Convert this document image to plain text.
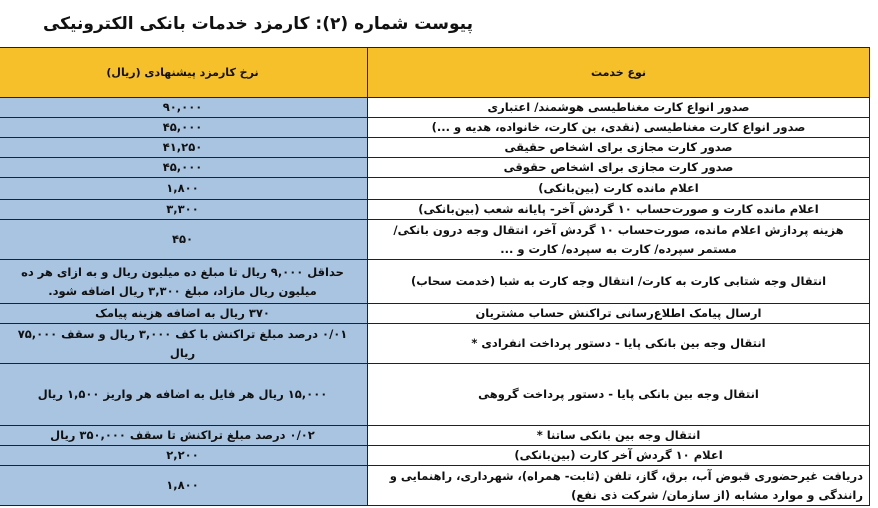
پیوست شماره (۲): کارمزد خدمات بانکی الکترونیکی
نوع خدمت	نرخ کارمزد پیشنهادی (ریال)
صدور انواع کارت مغناطیسی هوشمند/ اعتباری	۹۰,۰۰۰
صدور انواع کارت مغناطیسی (نقدی، بن کارت، خانواده، هدیه و ...)	۴۵,۰۰۰
صدور کارت مجازی برای اشخاص حقیقی	۴۱,۲۵۰
صدور کارت مجازی برای اشخاص حقوقی	۴۵,۰۰۰
اعلام مانده کارت (بین‌بانکی)	۱,۸۰۰
اعلام مانده کارت و صورت‌حساب ۱۰ گردش آخر- پایانه شعب (بین‌بانکی)	۳,۳۰۰
هزینه پردازش اعلام مانده، صورت‌حساب ۱۰ گردش آخر، انتقال وجه درون بانکی/ مستمر سپرده/ کارت به سپرده/ کارت و ...	۴۵۰
انتقال وجه شتابی کارت به کارت/ انتقال وجه کارت به شبا (خدمت سحاب)	حداقل ۹,۰۰۰ ریال تا مبلغ ده میلیون ریال و به ازای هر ده میلیون ریال مازاد، مبلغ ۳,۳۰۰ ریال اضافه شود.
ارسال پیامک اطلاع‌رسانی تراکنش حساب مشتریان	۳۷۰ ریال به اضافه هزینه پیامک
انتقال وجه بین بانکی پایا - دستور پرداخت انفرادی *	۰/۰۱ درصد مبلغ تراکنش با کف ۳,۰۰۰ ریال و سقف ۷۵,۰۰۰ ریال
انتقال وجه بین بانکی پایا - دستور پرداخت گروهی	۱۵,۰۰۰ ریال هر فایل به اضافه هر واریز ۱,۵۰۰ ریال
انتقال وجه بین بانکی ساتنا *	۰/۰۲ درصد مبلغ تراکنش تا سقف ۳۵۰,۰۰۰ ریال
اعلام ۱۰ گردش آخر کارت (بین‌بانکی)	۲,۲۰۰
دریافت غیرحضوری قبوض آب، برق، گاز، تلفن (ثابت- همراه)، شهرداری، راهنمایی و رانندگی و موارد مشابه (از سازمان/ شرکت ذی نفع)	۱,۸۰۰
